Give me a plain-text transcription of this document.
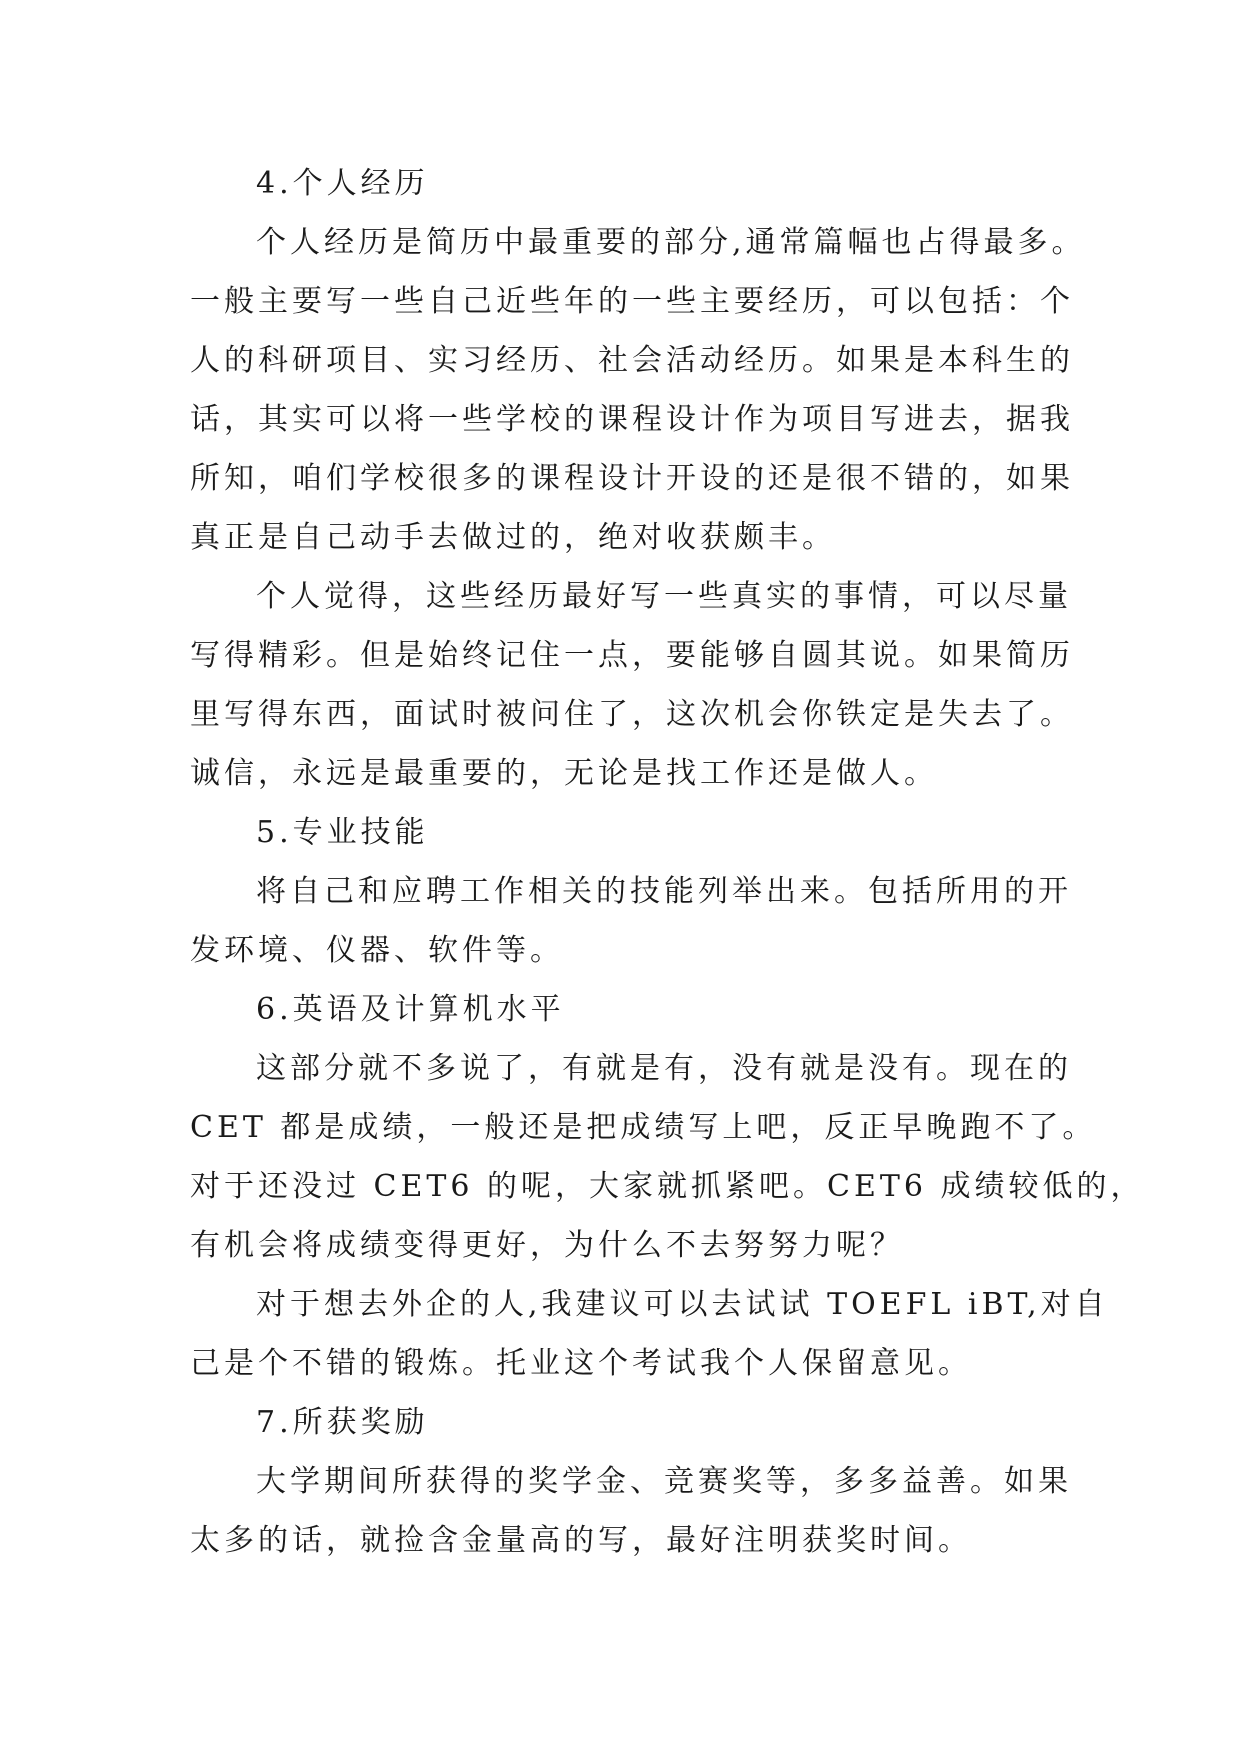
4.个人经历
个人经历是简历中最重要的部分,通常篇幅也占得最多。
一般主要写一些自己近些年的一些主要经历，可以包括：个
人的科研项目、实习经历、社会活动经历。如果是本科生的
话，其实可以将一些学校的课程设计作为项目写进去，据我
所知，咱们学校很多的课程设计开设的还是很不错的，如果
真正是自己动手去做过的，绝对收获颇丰。
个人觉得，这些经历最好写一些真实的事情，可以尽量
写得精彩。但是始终记住一点，要能够自圆其说。如果简历
里写得东西，面试时被问住了，这次机会你铁定是失去了。
诚信，永远是最重要的，无论是找工作还是做人。
5.专业技能
将自己和应聘工作相关的技能列举出来。包括所用的开
发环境、仪器、软件等。
6.英语及计算机水平
这部分就不多说了，有就是有，没有就是没有。现在的
CET 都是成绩，一般还是把成绩写上吧，反正早晚跑不了。
对于还没过 CET6 的呢，大家就抓紧吧。CET6 成绩较低的，
有机会将成绩变得更好，为什么不去努努力呢？
对于想去外企的人,我建议可以去试试 TOEFL iBT,对自
己是个不错的锻炼。托业这个考试我个人保留意见。
7.所获奖励
大学期间所获得的奖学金、竞赛奖等，多多益善。如果
太多的话，就捡含金量高的写，最好注明获奖时间。
